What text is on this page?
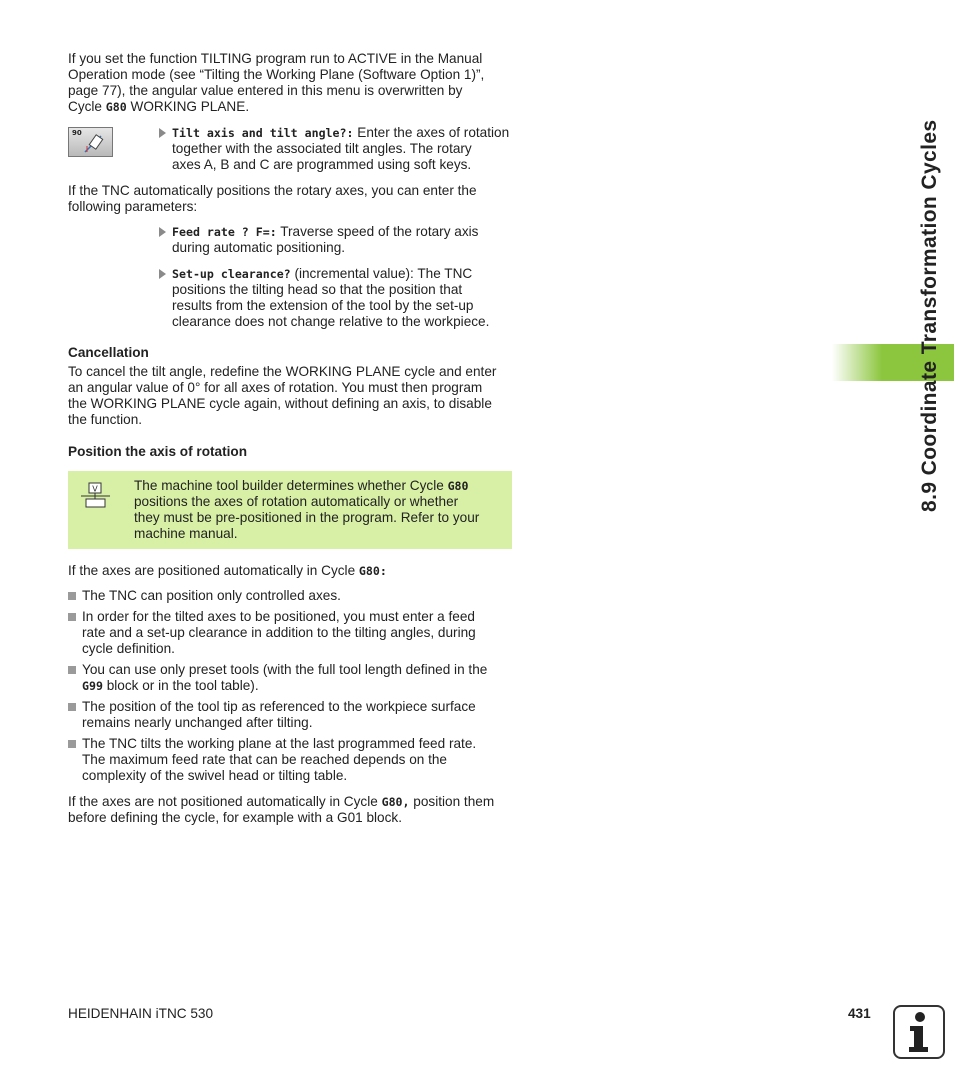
If you set the function TILTING program run to ACTIVE in the Manual

Operation mode (see “Tilting the Working Plane (Software Option 1)”,

page 77), the angular value entered in this menu is overwritten by

Cycle G80 WORKING PLANE.

90	Tilt axis and tilt angle?: Enter the axes of rotation

together with the associated tilt angles. The rotary

axes A, B and C are programmed using soft keys.

If the TNC automatically positions the rotary axes, you can enter the

following parameters:

Feed rate ? F=: Traverse speed of the rotary axis

during automatic positioning.

Set-up clearance? (incremental value): The TNC

positions the tilting head so that the position that

results from the extension of the tool by the set-up

clearance does not change relative to the workpiece.

Cancellation

To cancel the tilt angle, redefine the WORKING PLANE cycle and enter

an angular value of 0° for all axes of rotation. You must then program

the WORKING PLANE cycle again, without defining an axis, to disable

the function.

Position the axis of rotation
V	The machine tool builder determines whether Cycle G80

positions the axes of rotation automatically or whether

they must be pre-positioned in the program. Refer to your

machine manual.

If the axes are positioned automatically in Cycle G80:

The TNC can position only controlled axes.

In order for the tilted axes to be positioned, you must enter a feed

rate and a set-up clearance in addition to the tilting angles, during

cycle definition.

You can use only preset tools (with the full tool length defined in the

G99 block or in the tool table).

The position of the tool tip as referenced to the workpiece surface

remains nearly unchanged after tilting.

The TNC tilts the working plane at the last programmed feed rate.

The maximum feed rate that can be reached depends on the

complexity of the swivel head or tilting table.

If the axes are not positioned automatically in Cycle G80, position them

before defining the cycle, for example with a G01 block.

8.9 Coordinate Transformation Cycles
HEIDENHAIN iTNC 530	431
